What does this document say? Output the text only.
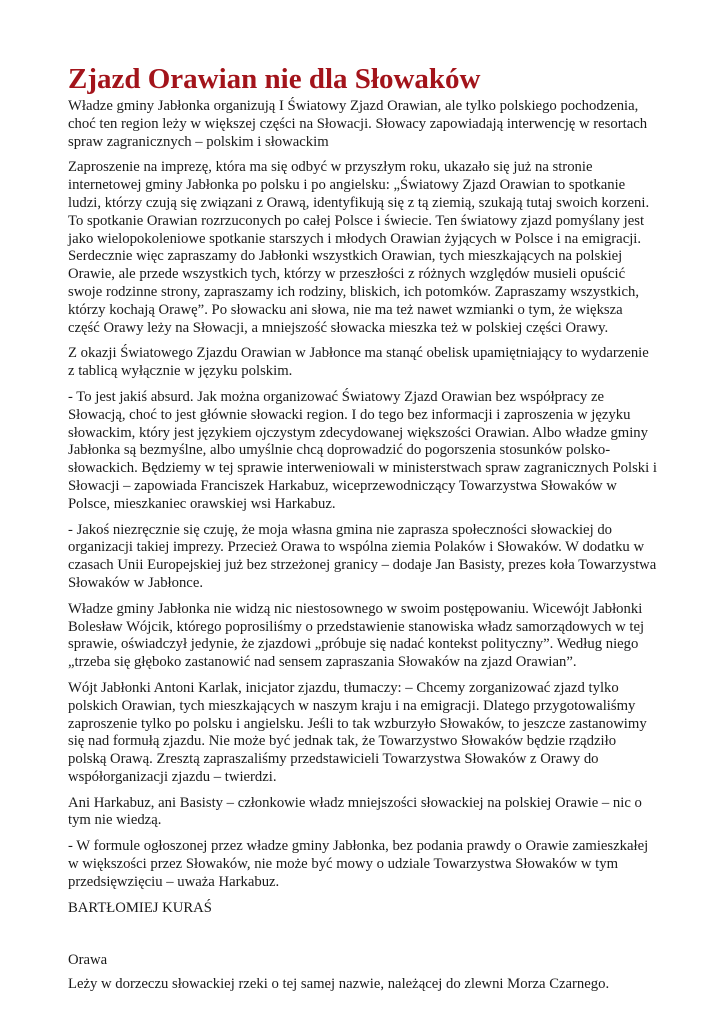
Zjazd Orawian nie dla Słowaków

Władze gminy Jabłonka organizują I Światowy Zjazd Orawian, ale tylko polskiego pochodzenia, choć ten region leży w większej części na Słowacji. Słowacy zapowiadają interwencję w resortach spraw zagranicznych – polskim i słowackim

Zaproszenie na imprezę, która ma się odbyć w przyszłym roku, ukazało się już na stronie internetowej gminy Jabłonka po polsku i po angielsku: „Światowy Zjazd Orawian to spotkanie ludzi, którzy czują się związani z Orawą, identyfikują się z tą ziemią, szukają tutaj swoich korzeni. To spotkanie Orawian rozrzuconych po całej Polsce i świecie. Ten światowy zjazd pomyślany jest jako wielopokoleniowe spotkanie starszych i młodych Orawian żyjących w Polsce i na emigracji. Serdecznie więc zapraszamy do Jabłonki wszystkich Orawian, tych mieszkających na polskiej Orawie, ale przede wszystkich tych, którzy w przeszłości z różnych względów musieli opuścić swoje rodzinne strony, zapraszamy ich rodziny, bliskich, ich potomków. Zapraszamy wszystkich, którzy kochają Orawę”. Po słowacku ani słowa, nie ma też nawet wzmianki o tym, że większa część Orawy leży na Słowacji, a mniejszość słowacka mieszka też w polskiej części Orawy.

Z okazji Światowego Zjazdu Orawian w Jabłonce ma stanąć obelisk upamiętniający to wydarzenie z tablicą wyłącznie w języku polskim.

- To jest jakiś absurd. Jak można organizować Światowy Zjazd Orawian bez współpracy ze Słowacją, choć to jest głównie słowacki region. I do tego bez informacji i zaproszenia w języku słowackim, który jest językiem ojczystym zdecydowanej większości Orawian. Albo władze gminy Jabłonka są bezmyślne, albo umyślnie chcą doprowadzić do pogorszenia stosunków polsko-słowackich. Będziemy w tej sprawie interweniowali w ministerstwach spraw zagranicznych Polski i Słowacji – zapowiada Franciszek Harkabuz, wiceprzewodniczący Towarzystwa Słowaków w Polsce, mieszkaniec orawskiej wsi Harkabuz.

- Jakoś niezręcznie się czuję, że moja własna gmina nie zaprasza społeczności słowackiej do organizacji takiej imprezy. Przecież Orawa to wspólna ziemia Polaków i Słowaków. W dodatku w czasach Unii Europejskiej już bez strzeżonej granicy – dodaje Jan Basisty, prezes koła Towarzystwa Słowaków w Jabłonce.

Władze gminy Jabłonka nie widzą nic niestosownego w swoim postępowaniu. Wicewójt Jabłonki Bolesław Wójcik, którego poprosiliśmy o przedstawienie stanowiska władz samorządowych w tej sprawie, oświadczył jedynie, że zjazdowi „próbuje się nadać kontekst polityczny”. Według niego „trzeba się głęboko zastanowić nad sensem zapraszania Słowaków na zjazd Orawian”.

Wójt Jabłonki Antoni Karlak, inicjator zjazdu, tłumaczy: – Chcemy zorganizować zjazd tylko polskich Orawian, tych mieszkających w naszym kraju i na emigracji. Dlatego przygotowaliśmy zaproszenie tylko po polsku i angielsku. Jeśli to tak wzburzyło Słowaków, to jeszcze zastanowimy się nad formułą zjazdu. Nie może być jednak tak, że Towarzystwo Słowaków będzie rządziło polską Orawą. Zresztą zapraszaliśmy przedstawicieli Towarzystwa Słowaków z Orawy do współorganizacji zjazdu – twierdzi.

Ani Harkabuz, ani Basisty – członkowie władz mniejszości słowackiej na polskiej Orawie – nic o tym nie wiedzą.

- W formule ogłoszonej przez władze gminy Jabłonka, bez podania prawdy o Orawie zamieszkałej w większości przez Słowaków, nie może być mowy o udziale Towarzystwa Słowaków w tym przedsięwzięciu – uważa Harkabuz.

BARTŁOMIEJ KURAŚ

Orawa

Leży w dorzeczu słowackiej rzeki o tej samej nazwie, należącej do zlewni Morza Czarnego.
